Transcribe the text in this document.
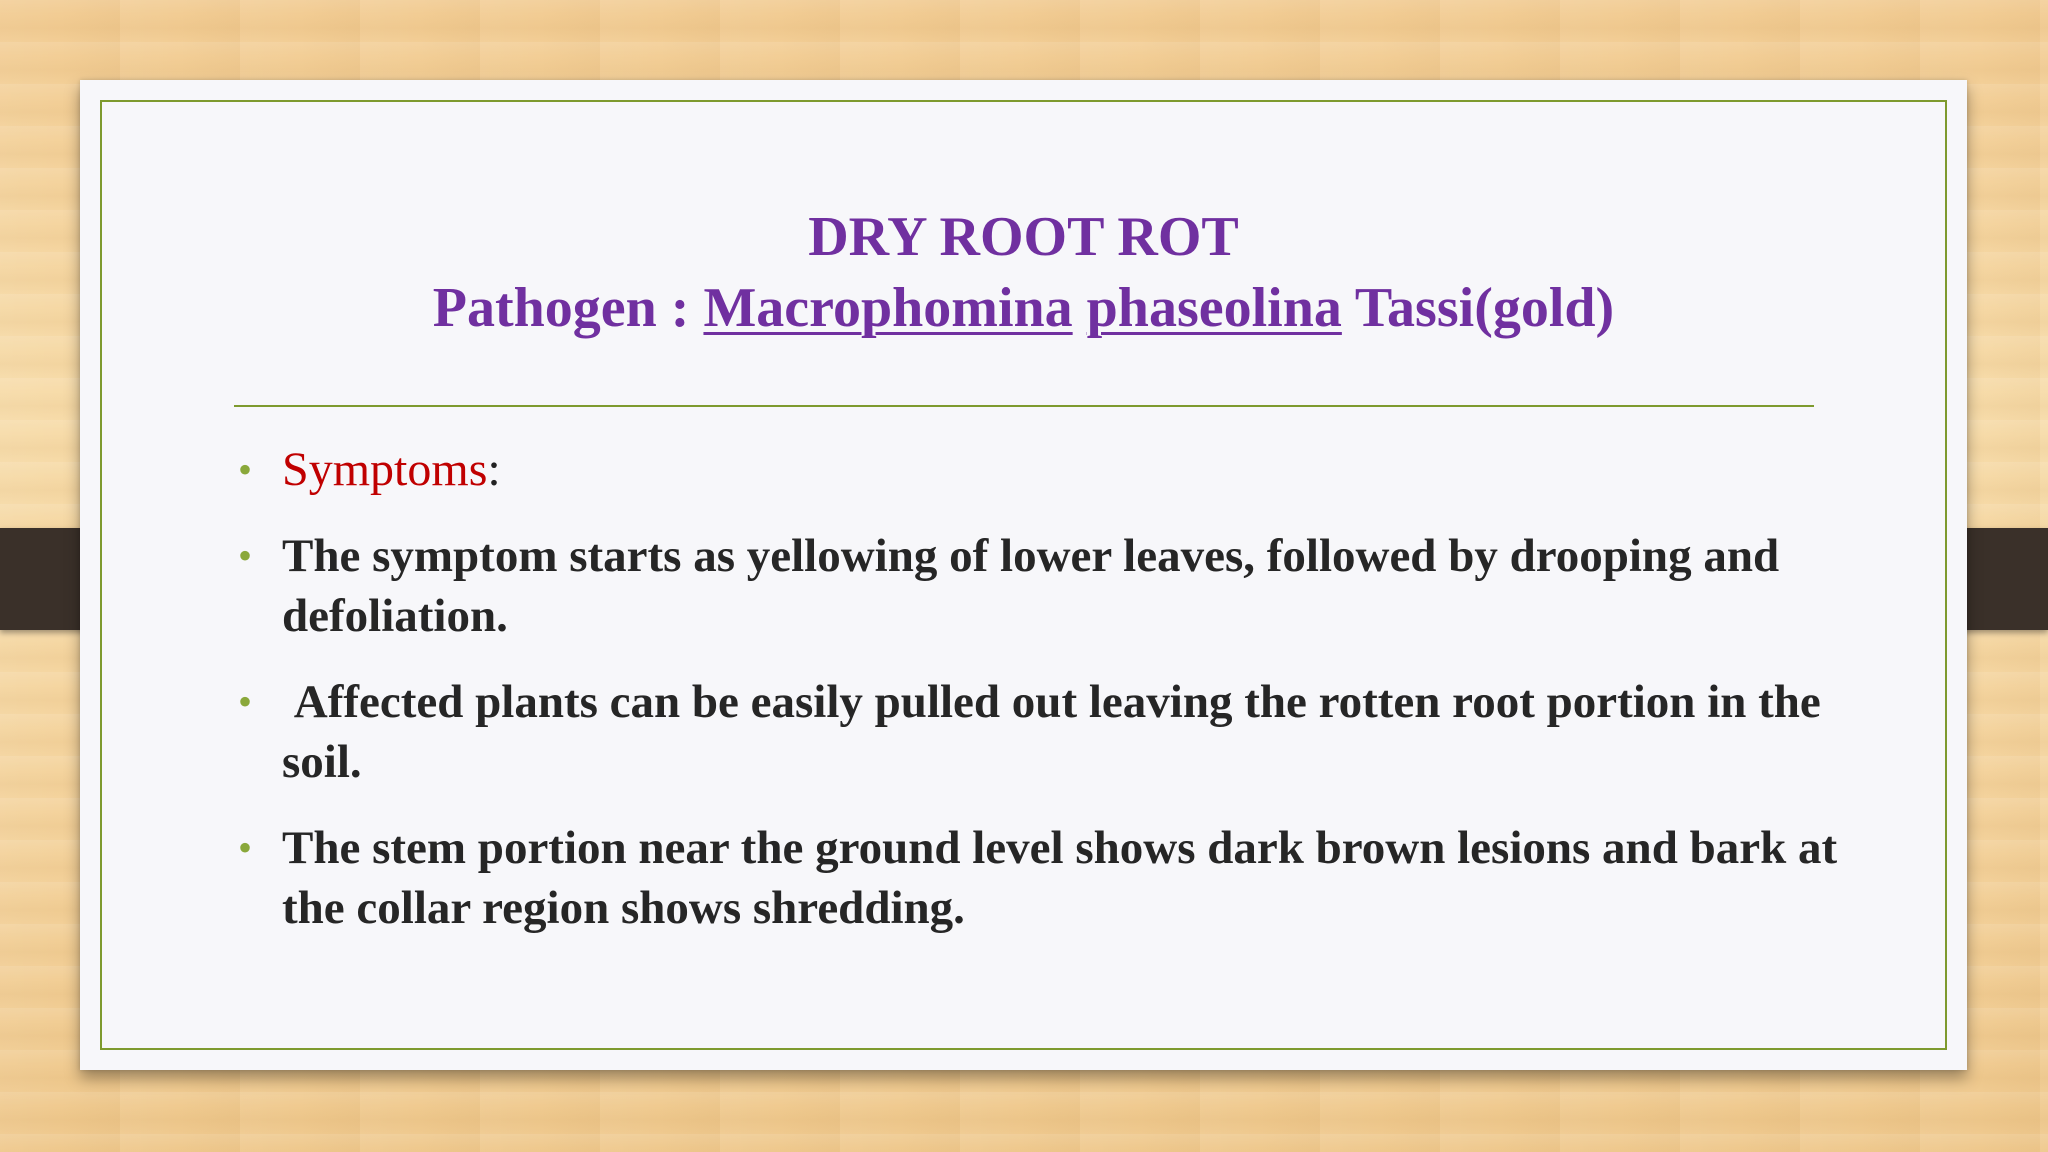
DRY ROOT ROT
Pathogen : Macrophomina phaseolina Tassi(gold)
• Symptoms:
• The symptom starts as yellowing of lower leaves, followed by drooping and defoliation.
• Affected plants can be easily pulled out leaving the rotten root portion in the soil.
• The stem portion near the ground level shows dark brown lesions and bark at the collar region shows shredding.
